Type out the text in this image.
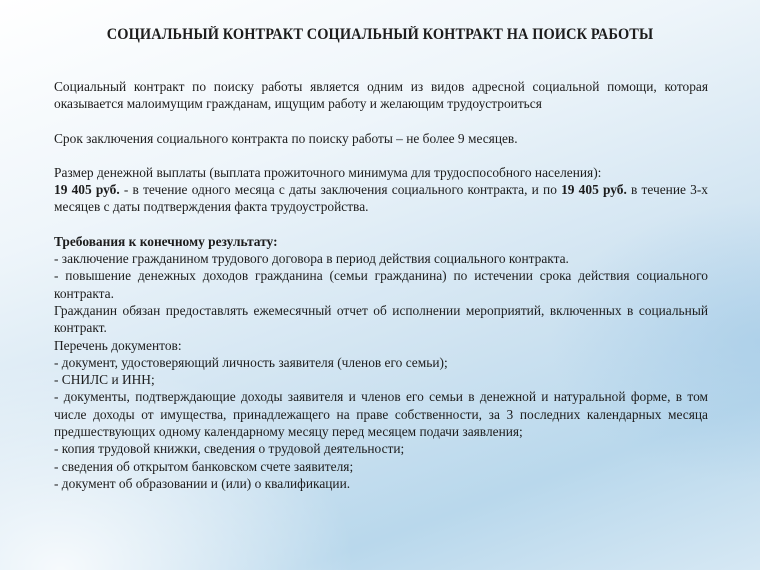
СОЦИАЛЬНЫЙ КОНТРАКТ СОЦИАЛЬНЫЙ КОНТРАКТ НА ПОИСК РАБОТЫ

Социальный контракт по поиску работы является одним из видов адресной социальной помощи, которая оказывается малоимущим гражданам, ищущим работу и желающим трудоустроиться

Срок заключения социального контракта по поиску работы – не более 9 месяцев.

Размер денежной выплаты (выплата прожиточного минимума для трудоспособного населения):

19 405 руб. - в течение одного месяца с даты заключения социального контракта, и по 19 405 руб. в течение 3-х месяцев с даты подтверждения факта трудоустройства.

Требования к конечному результату:

- заключение гражданином трудового договора в период действия социального контракта.

- повышение денежных доходов гражданина (семьи гражданина) по истечении срока действия социального контракта.

Гражданин обязан предоставлять ежемесячный отчет об исполнении мероприятий, включенных в социальный контракт.

Перечень документов:

- документ, удостоверяющий личность заявителя (членов его семьи);

- СНИЛС и ИНН;

- документы, подтверждающие доходы заявителя и членов его семьи в денежной и натуральной форме, в том числе доходы от имущества, принадлежащего на праве собственности, за 3 последних календарных месяца предшествующих одному календарному месяцу перед месяцем подачи заявления;

- копия трудовой книжки, сведения о трудовой деятельности;

- сведения об открытом банковском счете заявителя;

- документ об образовании и (или) о квалификации.
